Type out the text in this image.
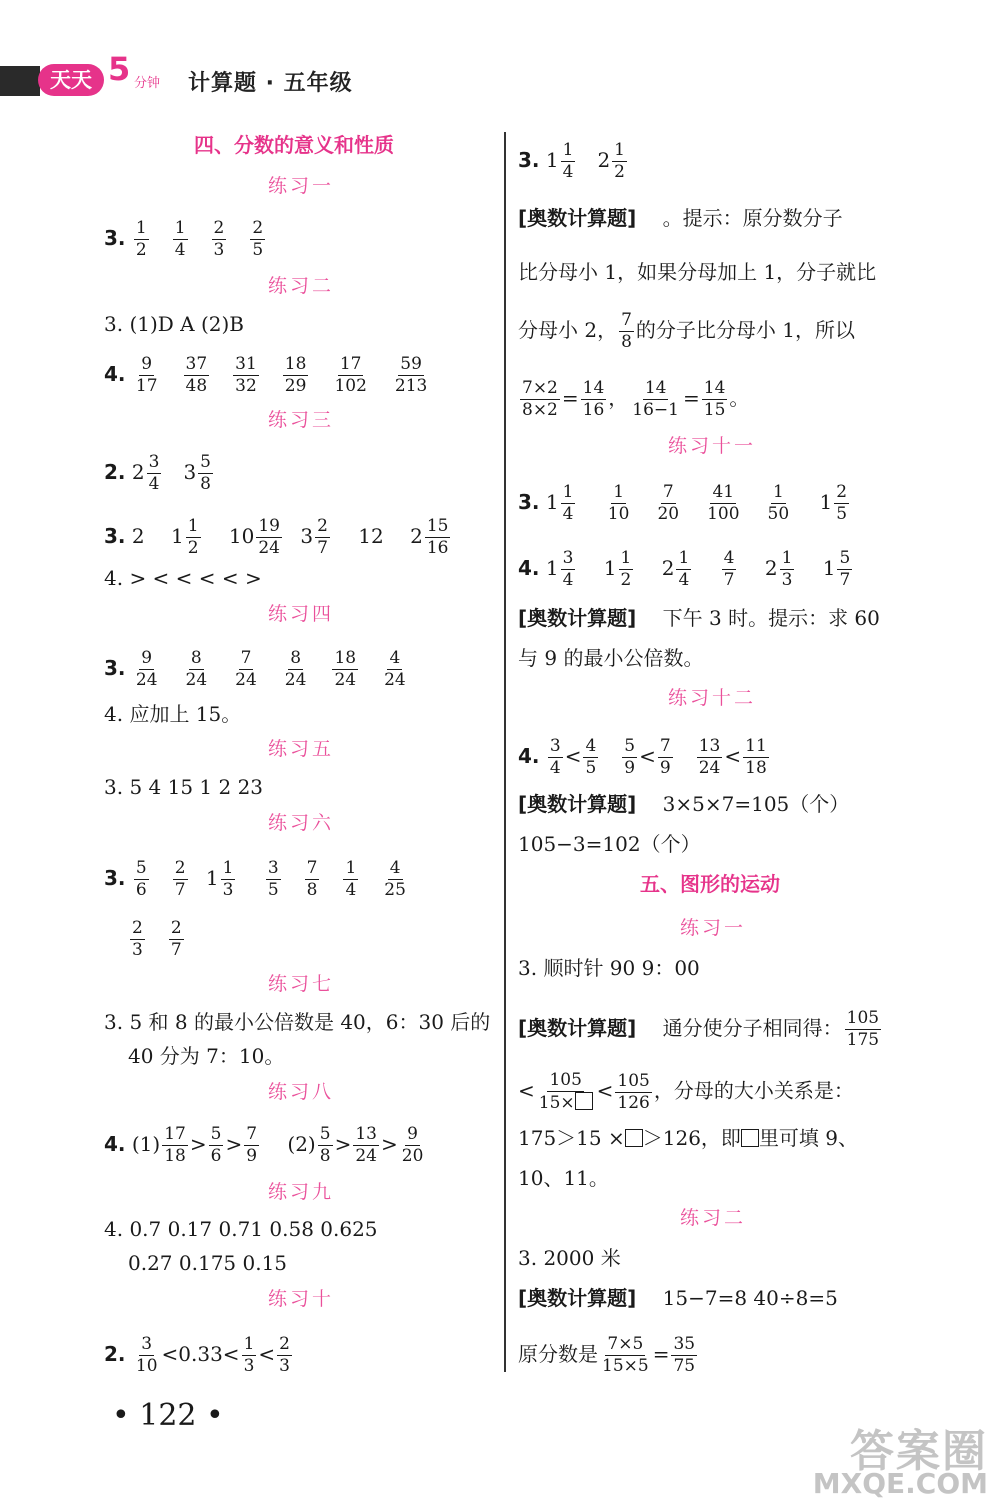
天天 5 分钟 计算题 · 五年级
四、分数的意义和性质
练习一
3. $\frac{1}{2} \frac{1}{4} \frac{2}{3} \frac{2}{5}$
练习二
3. (1)D A (2)B
4. $\frac{9}{17} \frac{37}{48} \frac{31}{32} \frac{18}{29} \frac{17}{102} \frac{59}{213}$
练习三
2. $2 \frac{3}{4} 3 \frac{5}{8}$
3. 2 $1 \frac{1}{2} 10 \frac{19}{24} 3 \frac{2}{7} 12$ $2 \frac{15}{16}$
4. > < < < < >
练习四
3. $\frac{9}{24} \frac{8}{24} \frac{7}{24} \frac{8}{24} \frac{18}{24} \frac{4}{24}$
4. 应加上 15。
练习五
3. 5 4 15 1 2 23
练习六
3. $\frac{5}{6} \frac{2}{7} 1 \frac{1}{3}$
$\frac{3}{5} \frac{7}{8} \frac{1}{4} \frac{4}{25}$
$\frac{2}{3} \frac{2}{7}$
练习七
3. 5 和 8 的最小公倍数是 40，6：30 后的
40 分为 7：10。
练习八
4. $(1) \frac{17}{18} > \frac{5}{6} > \frac{7}{9} (2) \frac{5}{8} > \frac{13}{24} > \frac{9}{20}$
练习九
4. 0.7 0.17 0.71 0.58 0.625
0.27 0.175 0.15
练习十
2. $\frac{3}{10} <0.33< \frac{1}{3} < \frac{2}{3}$
3. $1 \frac{1}{4} 2 \frac{1}{2}$
[奥数计算题] 。提示：原分数分子
比分母小 1，如果分母加上 1，分子就比
分母小 2， $\frac{7}{8}$ 的分子比分母小 1，所以
$\frac{7\times 2}{8\times 2} = \frac{14}{16}$ ， $\frac{14}{16-1} = \frac{14}{15}$ 。
练习十一
3. $1 \frac{1}{4}$
$\frac{1}{10} \frac{7}{20} \frac{41}{100} \frac{1}{50} 1 \frac{2}{5}$
4. $1 \frac{3}{4} 1 \frac{1}{2} 2 \frac{1}{4}$
$\frac{4}{7} 2 \frac{1}{3} 1 \frac{5}{7}$
[奥数计算题] 下午 3 时。提示：求 60
与 9 的最小公倍数。
练习十二
4. $\frac{3}{4} < \frac{4}{5} \frac{5}{9} < \frac{7}{9} \frac{13}{24} < \frac{11}{18}$
[奥数计算题] 3×5×7=105（个）
105−3=102（个）
五、图形的运动
练习一
3. 顺时针 90 9：00
[奥数计算题] 通分使分子相同得： $\frac{105}{175}$
< $\frac{105}{15\times} < \frac{105}{126}$ ，分母的大小关系是：
175＞15 × ＞126，即 里可填 9、
10、11。
练习二
3. 2000 米
[奥数计算题] 15−7=8 40÷8=5
原分数是 $\frac{7\times 5}{15\times 5} = \frac{35}{75}$
• 122 •
答案圈
MXQE.COM
